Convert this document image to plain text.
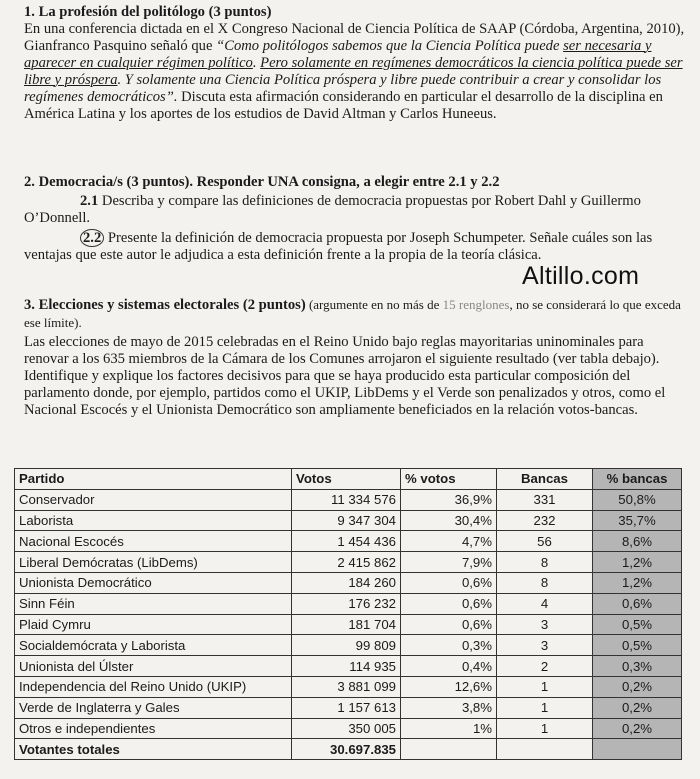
1. La profesión del politólogo (3 puntos)
En una conferencia dictada en el X Congreso Nacional de Ciencia Política de SAAP (Córdoba, Argentina, 2010), Gianfranco Pasquino señaló que “Como politólogos sabemos que la Ciencia Política puede ser necesaria y aparecer en cualquier régimen político. Pero solamente en regímenes democráticos la ciencia política puede ser libre y próspera. Y solamente una Ciencia Política próspera y libre puede contribuir a crear y consolidar los regímenes democráticos”. Discuta esta afirmación considerando en particular el desarrollo de la disciplina en América Latina y los aportes de los estudios de David Altman y Carlos Huneeus.

2. Democracia/s (3 puntos). Responder UNA consigna, a elegir entre 2.1 y 2.2

2.1 Describa y compare las definiciones de democracia propuestas por Robert Dahl y Guillermo O’Donnell.

2.2 Presente la definición de democracia propuesta por Joseph Schumpeter. Señale cuáles son las ventajas que este autor le adjudica a esta definición frente a la propia de la teoría clásica.

Altillo.com

3. Elecciones y sistemas electorales (2 puntos) (argumente en no más de 15 renglones, no se considerará lo que exceda ese límite).

Las elecciones de mayo de 2015 celebradas en el Reino Unido bajo reglas mayoritarias uninominales para renovar a los 635 miembros de la Cámara de los Comunes arrojaron el siguiente resultado (ver tabla debajo). Identifique y explique los factores decisivos para que se haya producido esta particular composición del parlamento donde, por ejemplo, partidos como el UKIP, LibDems y el Verde son penalizados y otros, como el Nacional Escocés y el Unionista Democrático son ampliamente beneficiados en la relación votos-bancas.

Partido	Votos	% votos	Bancas	% bancas
Conservador	11 334 576	36,9%	331	50,8%
Laborista	9 347 304	30,4%	232	35,7%
Nacional Escocés	1 454 436	4,7%	56	8,6%
Liberal Demócratas (LibDems)	2 415 862	7,9%	8	1,2%
Unionista Democrático	184 260	0,6%	8	1,2%
Sinn Féin	176 232	0,6%	4	0,6%
Plaid Cymru	181 704	0,6%	3	0,5%
Socialdemócrata y Laborista	99 809	0,3%	3	0,5%
Unionista del Úlster	114 935	0,4%	2	0,3%
Independencia del Reino Unido (UKIP)	3 881 099	12,6%	1	0,2%
Verde de Inglaterra y Gales	1 157 613	3,8%	1	0,2%
Otros e independientes	350 005	1%	1	0,2%
Votantes totales	30.697.835			
